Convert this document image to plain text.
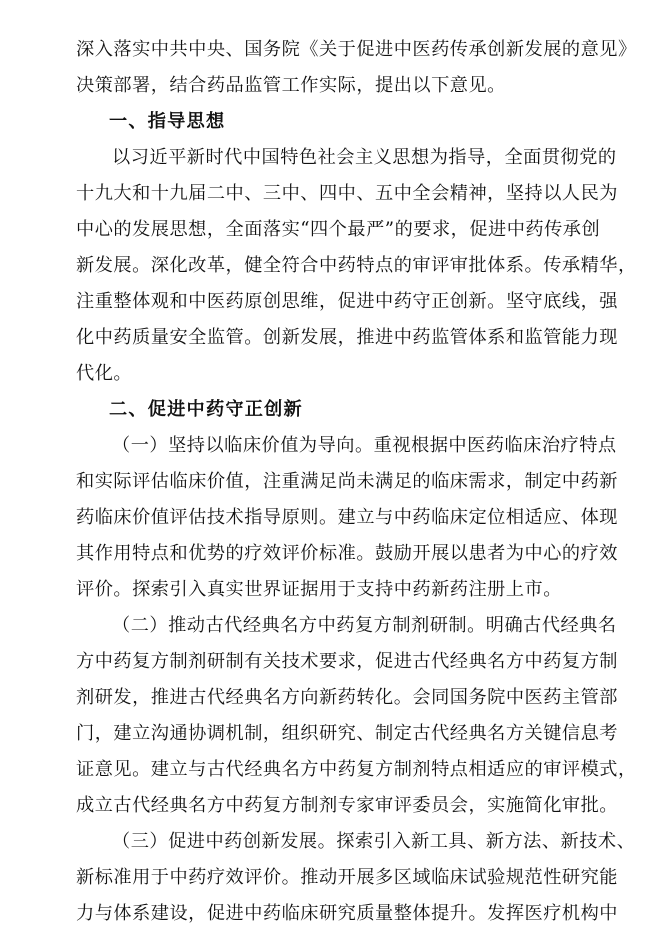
深入落实中共中央、国务院《关于促进中医药传承创新发展的意见》
决策部署，结合药品监管工作实际，提出以下意见。
一、指导思想
以习近平新时代中国特色社会主义思想为指导，全面贯彻党的
十九大和十九届二中、三中、四中、五中全会精神，坚持以人民为
中心的发展思想，全面落实“四个最严”的要求，促进中药传承创
新发展。深化改革，健全符合中药特点的审评审批体系。传承精华，
注重整体观和中医药原创思维，促进中药守正创新。坚守底线，强
化中药质量安全监管。创新发展，推进中药监管体系和监管能力现
代化。
二、促进中药守正创新
（一）坚持以临床价值为导向。重视根据中医药临床治疗特点
和实际评估临床价值，注重满足尚未满足的临床需求，制定中药新
药临床价值评估技术指导原则。建立与中药临床定位相适应、体现
其作用特点和优势的疗效评价标准。鼓励开展以患者为中心的疗效
评价。探索引入真实世界证据用于支持中药新药注册上市。
（二）推动古代经典名方中药复方制剂研制。明确古代经典名
方中药复方制剂研制有关技术要求，促进古代经典名方中药复方制
剂研发，推进古代经典名方向新药转化。会同国务院中医药主管部
门，建立沟通协调机制，组织研究、制定古代经典名方关键信息考
证意见。建立与古代经典名方中药复方制剂特点相适应的审评模式，
成立古代经典名方中药复方制剂专家审评委员会，实施简化审批。
（三）促进中药创新发展。探索引入新工具、新方法、新技术、
新标准用于中药疗效评价。推动开展多区域临床试验规范性研究能
力与体系建设，促进中药临床研究质量整体提升。发挥医疗机构中
